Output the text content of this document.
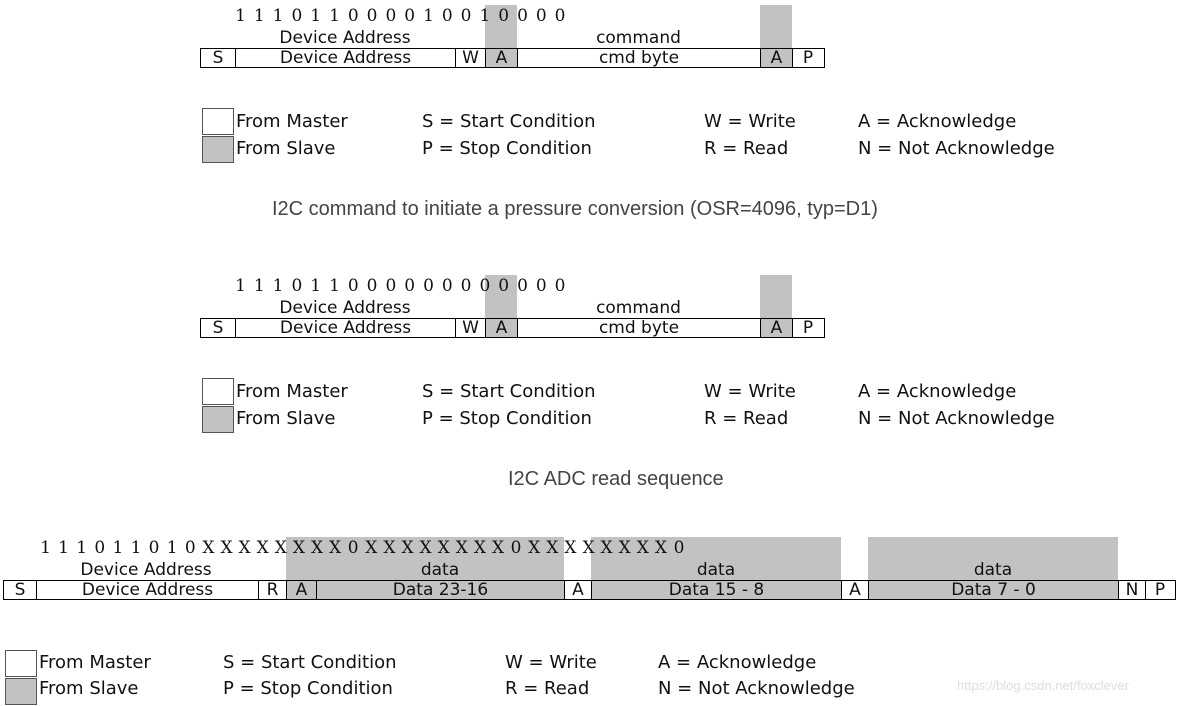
1 1 1 0 1 1 0 0 0 0 1 0 0 1 0 0 0 0
Device Address	command
S	Device Address	W A	cmd byte	A	P
From Master
From Slave
S = Start Condition
P = Stop Condition
W = Write
R = Read
A = Acknowledge
N = Not Acknowledge
I2C command to initiate a pressure conversion (OSR=4096, typ=D1)
1 1 1 0 1 1 0 0 0 0 0 0 0 0 0 0 0 0
Device Address	command
S	Device Address	W A	cmd byte	A	P
From Master
From Slave
S = Start Condition
P = Stop Condition
W = Write
R = Read
A = Acknowledge
N = Not Acknowledge
I2C ADC read sequence
1 1 1 0 1 1 0 1 0 X X X X X X X X 0 X X X X X X X X 0 X X X X X X X X 0
Device Address	data	data	data
S	Device Address	R	A	Data 23-16	A	Data 15 - 8	A	Data 7 - 0	N P
From Master
From Slave
S = Start Condition
P = Stop Condition
W = Write
R = Read
A = Acknowledge
N = Not Acknowledge	https://blog.csdn.net/foxclever
